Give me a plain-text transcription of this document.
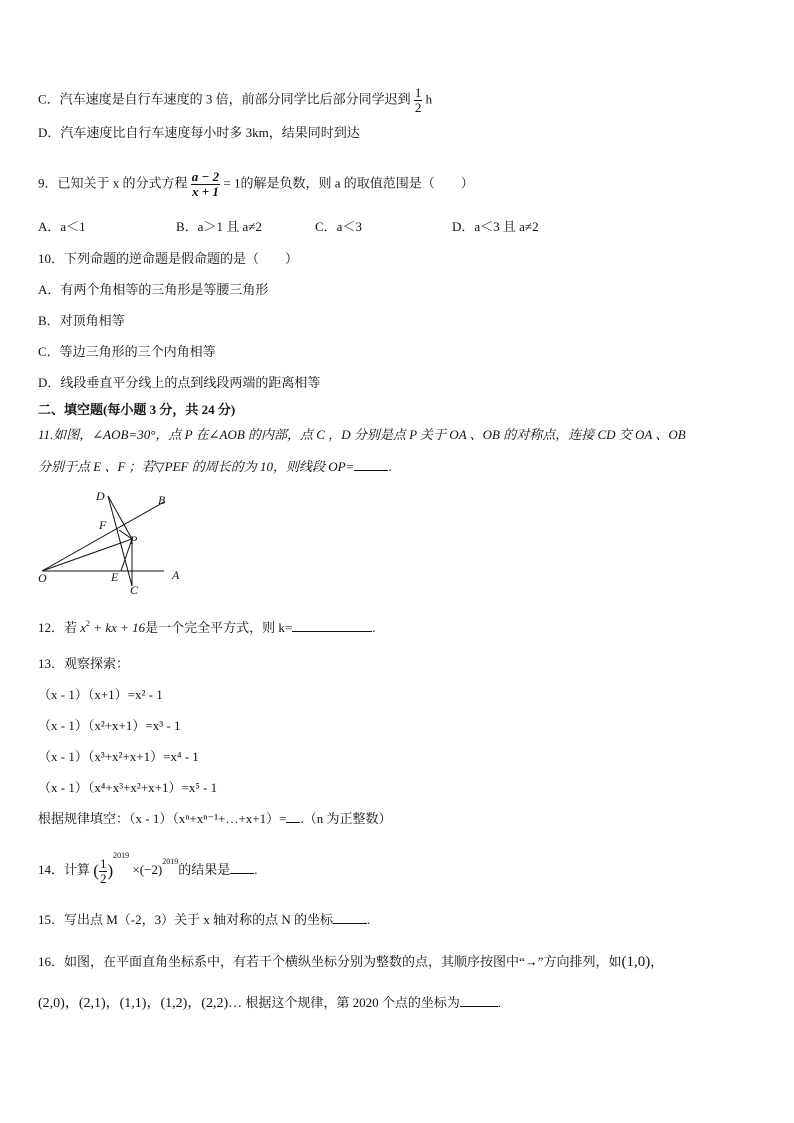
C．汽车速度是自行车速度的 3 倍，前部分同学比后部分同学迟到 $\frac{1}{2}$ h
D．汽车速度比自行车速度每小时多 3km，结果同时到达
9．已知关于 x 的分式方程 $\frac{a - 2}{x + 1} = 1$的解是负数，则 a 的取值范围是（　　）
A．a＜1	B．a＞1 且 a≠2	C．a＜3	D．a＜3 且 a≠2
10．下列命题的逆命题是假命题的是（　　）
A．有两个角相等的三角形是等腰三角形
B．对顶角相等
C．等边三角形的三个内角相等
D．线段垂直平分线上的点到线段两端的距离相等
二、填空题(每小题 3 分，共 24 分)
11.如图，∠AOB=30°，点 P 在∠AOB 的内部，点 C ，D 分别是点 P 关于 OA 、OB 的对称点，连接 CD 交 OA 、OB
分别于点 E 、F ；若▽PEF 的周长的为 10，则线段 OP=	.
D	B
F
P
O	E	A
C
12．若 $x^2$ + kx + 16是一个完全平方式，则 k=	.
13．观察探索：
（x - 1）（x+1）=x² - 1
（x - 1）（x²+x+1）=x³ - 1
（x - 1）（x³+x²+x+1）=x⁴ - 1
（x - 1）（x⁴+x³+x²+x+1）=x⁵ - 1
根据规律填空：（x - 1）（xⁿ+xⁿ⁻¹+…+x+1）= .（n 为正整数）
14．计算 ( $\frac{1}{2} )^{2019} \times(-2)^{2019}$的结果是 .
15．写出点 M（-2，3）关于 x 轴对称的点 N 的坐标	.
16．如图，在平面直角坐标系中，有若干个横纵坐标分别为整数的点，其顺序按图中“→”方向排列，如(1,0)，
(2,0)，(2,1)，(1,1)，(1,2)，(2,2)… 根据这个规律，第 2020 个点的坐标为	.
